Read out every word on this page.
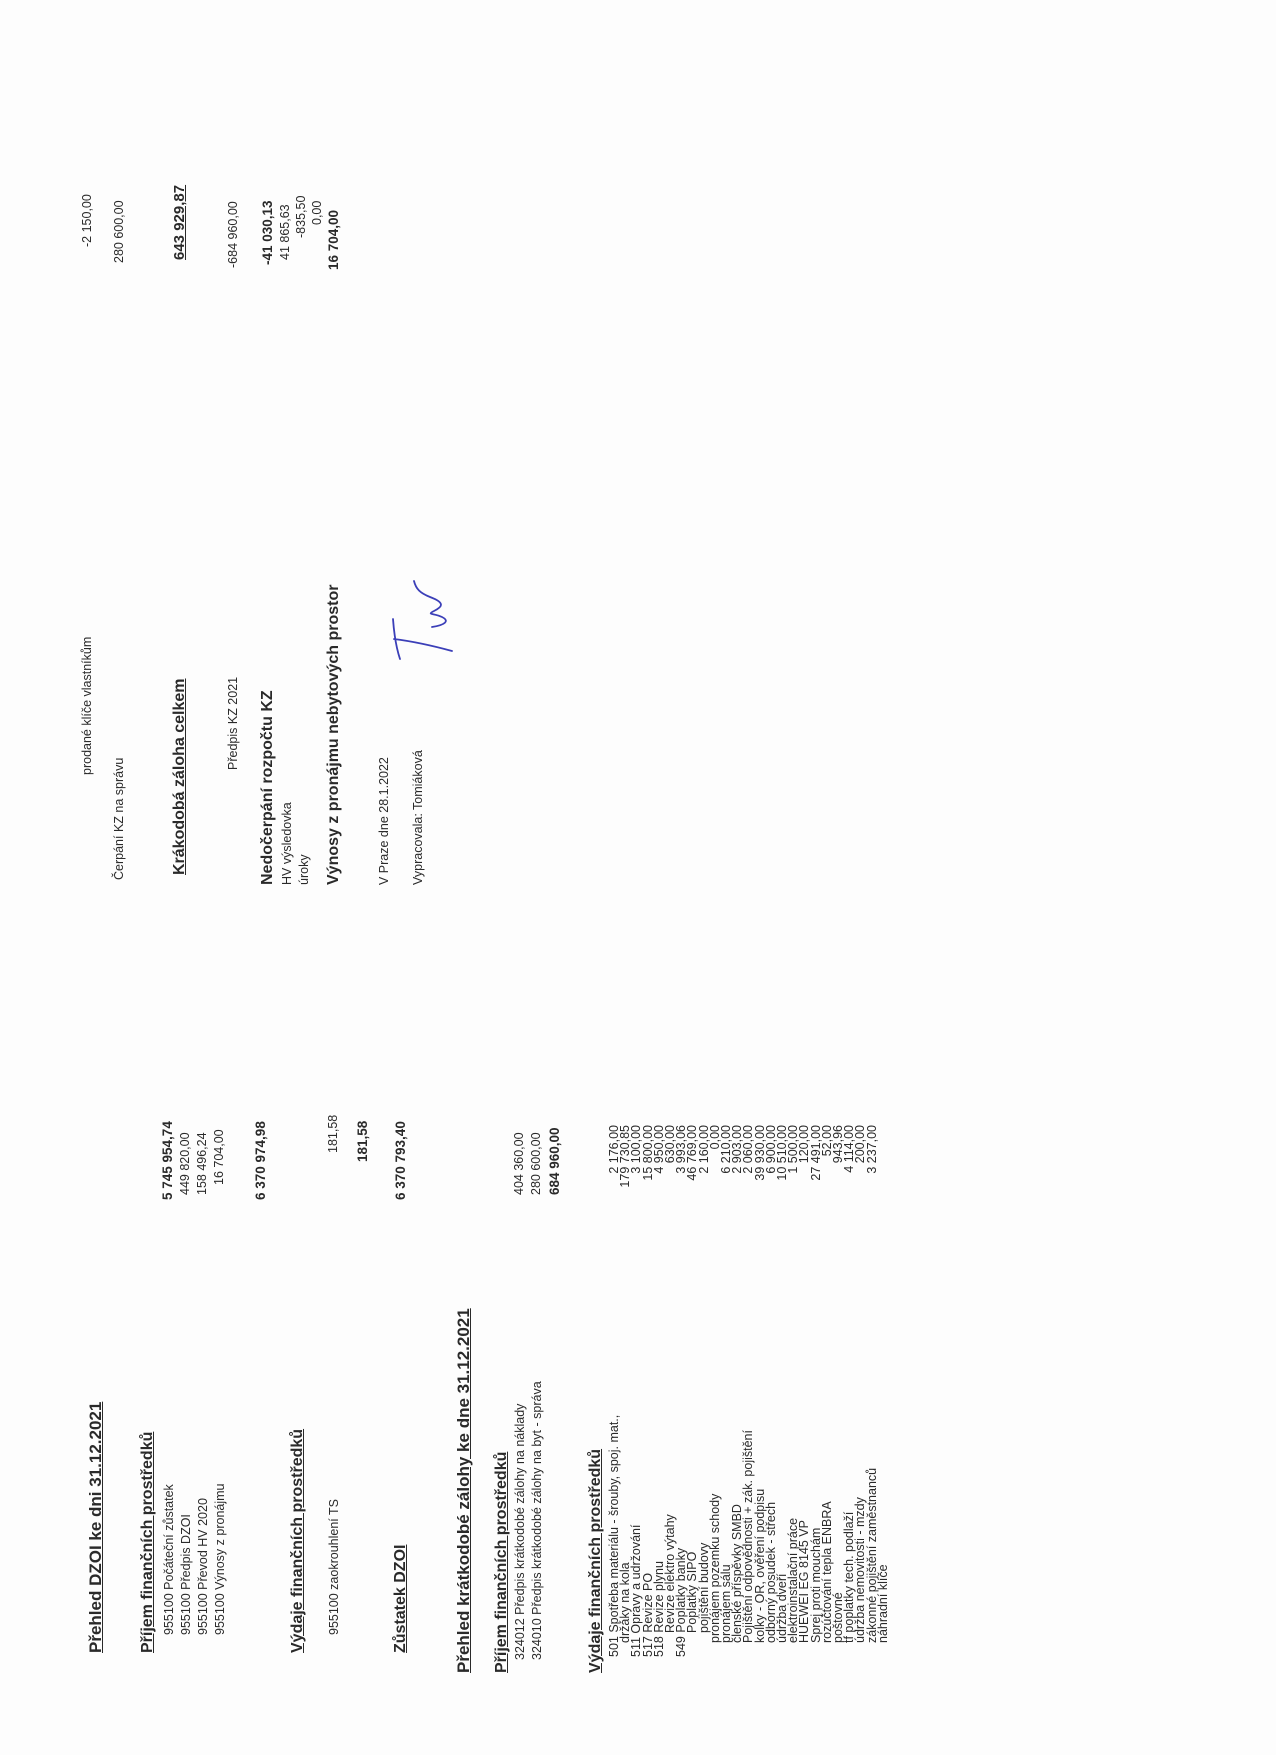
Přehled DZOI ke dni 31.12.2021 Příjem finančních prostředků 955100 Počáteční zůstatek 955100 Předpis DZOI 955100 Převod HV 2020 955100 Výnosy z pronájmu
5 745 954,74 449 820,00 158 496,24 16 704,00 6 370 974,98
Výdaje finančních prostředků 955100 zaokrouhlení TS
181,58 181,58
Zůstatek DZOI
6 370 793,40
Přehled krátkodobé zálohy ke dne 31.12.2021 Příjem finančních prostředků 324012 Předpis krátkodobé zálohy na náklady 324010 Předpis krátkodobé zálohy na byt - správa
404 360,00 280 600,00 684 960,00
Výdaje finančních prostředků 501 Spotřeba materiálu - šrouby, spoj. mat.,
2 176,00
držáky na kola
179 730,85
511 Opravy a udržování
3 100,00
517 Revize PO
15 800,00
518 Revize plynu
4 950,00
Revize elektro výtahy
630,00
549 Poplatky banky
3 993,06
Poplatky SIPO
46 769,00
pojištění budovy
2 160,00
pronájem pozemku schody
0,00
pronájem sálu
6 210,00
členské příspěvky SMBD
2 903,00
Pojištění odpovědnosti + zák. pojištění
2 060,00
kolky - OR, ověření podpisu
39 930,00
odborný posudek - střech
6 900,00
údržba dveří
10 510,00
elektroinstalační práce
1 500,00
HUEWEI EG 8145 VP
120,00
Sprej proti mouchám
27 491,00
rozúčtování tepla ENBRA
52,00
poštovné
943,96
tf poplatky tech. podlaží
4 114,00
údržba nemovitosti - mzdy
200,00
zákonné pojištění zaměstnanců
3 237,00
náhradní klíče
prodané klíče vlastníkům
-2 150,00
Čerpání KZ na správu
280 600,00
Krákodobá záloha celkem
643 929,87
Předpis KZ 2021
-684 960,00
Nedočerpání rozpočtu KZ
-41 030,13
HV výsledovka
41 865,63
úroky
-835,50 0,00
Výnosy z pronájmu nebytových prostor
16 704,00
V Praze dne 28.1.2022 Vypracovala: Tomiáková
